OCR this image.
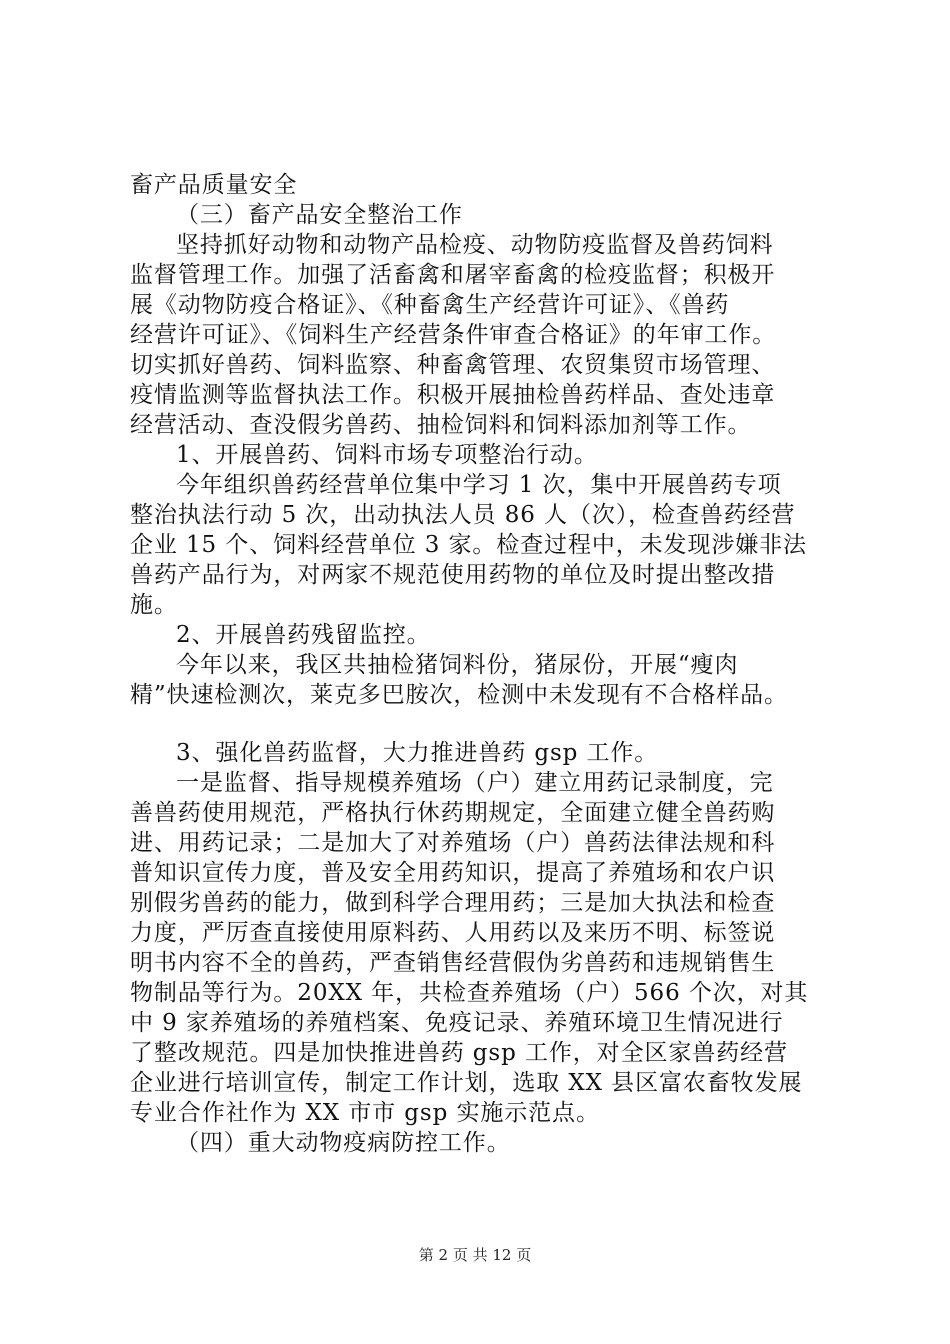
畜产品质量安全
（三）畜产品安全整治工作
坚持抓好动物和动物产品检疫、动物防疫监督及兽药饲料
监督管理工作。加强了活畜禽和屠宰畜禽的检疫监督；积极开
展《动物防疫合格证》、《种畜禽生产经营许可证》、《兽药
经营许可证》、《饲料生产经营条件审查合格证》的年审工作。
切实抓好兽药、饲料监察、种畜禽管理、农贸集贸市场管理、
疫情监测等监督执法工作。积极开展抽检兽药样品、查处违章
经营活动、查没假劣兽药、抽检饲料和饲料添加剂等工作。
1、开展兽药、饲料市场专项整治行动。
今年组织兽药经营单位集中学习 1 次，集中开展兽药专项
整治执法行动 5 次，出动执法人员 86 人（次），检查兽药经营
企业 15 个、饲料经营单位 3 家。检查过程中，未发现涉嫌非法
兽药产品行为，对两家不规范使用药物的单位及时提出整改措
施。
2、开展兽药残留监控。
今年以来，我区共抽检猪饲料份，猪尿份，开展“瘦肉
精”快速检测次，莱克多巴胺次，检测中未发现有不合格样品。
3、强化兽药监督，大力推进兽药 gsp 工作。
一是监督、指导规模养殖场（户）建立用药记录制度，完
善兽药使用规范，严格执行休药期规定，全面建立健全兽药购
进、用药记录；二是加大了对养殖场（户）兽药法律法规和科
普知识宣传力度，普及安全用药知识，提高了养殖场和农户识
别假劣兽药的能力，做到科学合理用药；三是加大执法和检查
力度，严厉查直接使用原料药、人用药以及来历不明、标签说
明书内容不全的兽药，严查销售经营假伪劣兽药和违规销售生
物制品等行为。20XX 年，共检查养殖场（户）566 个次，对其
中 9 家养殖场的养殖档案、免疫记录、养殖环境卫生情况进行
了整改规范。四是加快推进兽药 gsp 工作，对全区家兽药经营
企业进行培训宣传，制定工作计划，选取 XX 县区富农畜牧发展
专业合作社作为 XX 市市 gsp 实施示范点。
（四）重大动物疫病防控工作。
第 2 页 共 12 页
